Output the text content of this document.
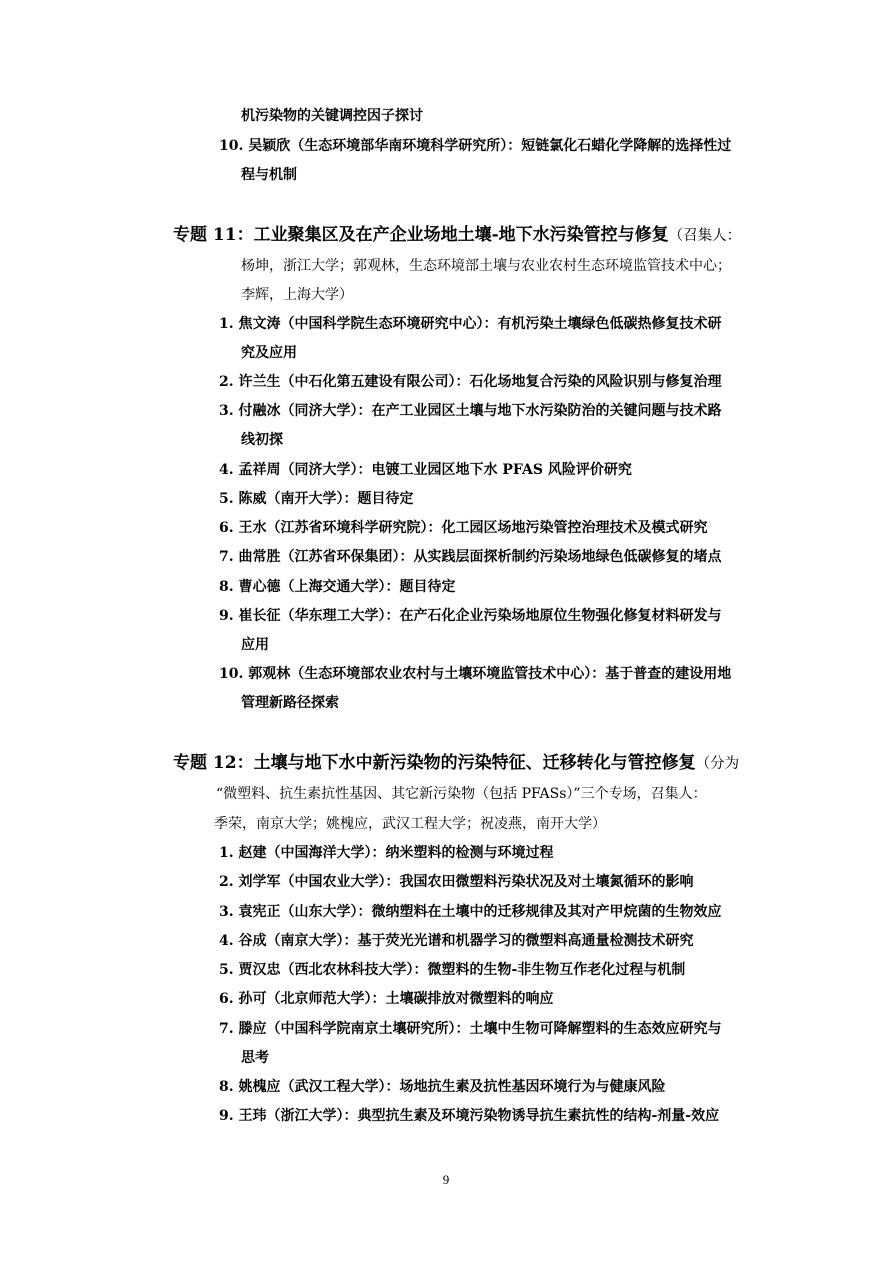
机污染物的关键调控因子探讨
10. 吴颖欣（生态环境部华南环境科学研究所）：短链氯化石蜡化学降解的选择性过
程与机制
专题 11：工业聚集区及在产企业场地土壤-地下水污染管控与修复（召集人：
杨坤，浙江大学；郭观林，生态环境部土壤与农业农村生态环境监管技术中心；
李辉，上海大学）
1. 焦文涛（中国科学院生态环境研究中心）：有机污染土壤绿色低碳热修复技术研
究及应用
2. 许兰生（中石化第五建设有限公司）：石化场地复合污染的风险识别与修复治理
3. 付融冰（同济大学）：在产工业园区土壤与地下水污染防治的关键问题与技术路
线初探
4. 孟祥周（同济大学）：电镀工业园区地下水 PFAS 风险评价研究
5. 陈威（南开大学）：题目待定
6. 王水（江苏省环境科学研究院）：化工园区场地污染管控治理技术及模式研究
7. 曲常胜（江苏省环保集团）：从实践层面探析制约污染场地绿色低碳修复的堵点
8. 曹心德（上海交通大学）：题目待定
9. 崔长征（华东理工大学）：在产石化企业污染场地原位生物强化修复材料研发与
应用
10. 郭观林（生态环境部农业农村与土壤环境监管技术中心）：基于普查的建设用地
管理新路径探索
专题 12：土壤与地下水中新污染物的污染特征、迁移转化与管控修复（分为
“微塑料、抗生素抗性基因、其它新污染物（包括 PFASs）”三个专场，召集人：
季荣，南京大学；姚槐应，武汉工程大学；祝凌燕，南开大学）
1. 赵建（中国海洋大学）：纳米塑料的检测与环境过程
2. 刘学军（中国农业大学）：我国农田微塑料污染状况及对土壤氮循环的影响
3. 袁宪正（山东大学）：微纳塑料在土壤中的迁移规律及其对产甲烷菌的生物效应
4. 谷成（南京大学）：基于荧光光谱和机器学习的微塑料高通量检测技术研究
5. 贾汉忠（西北农林科技大学）：微塑料的生物-非生物互作老化过程与机制
6. 孙可（北京师范大学）：土壤碳排放对微塑料的响应
7. 滕应（中国科学院南京土壤研究所）：土壤中生物可降解塑料的生态效应研究与
思考
8. 姚槐应（武汉工程大学）：场地抗生素及抗性基因环境行为与健康风险
9. 王玮（浙江大学）：典型抗生素及环境污染物诱导抗生素抗性的结构-剂量-效应
9
